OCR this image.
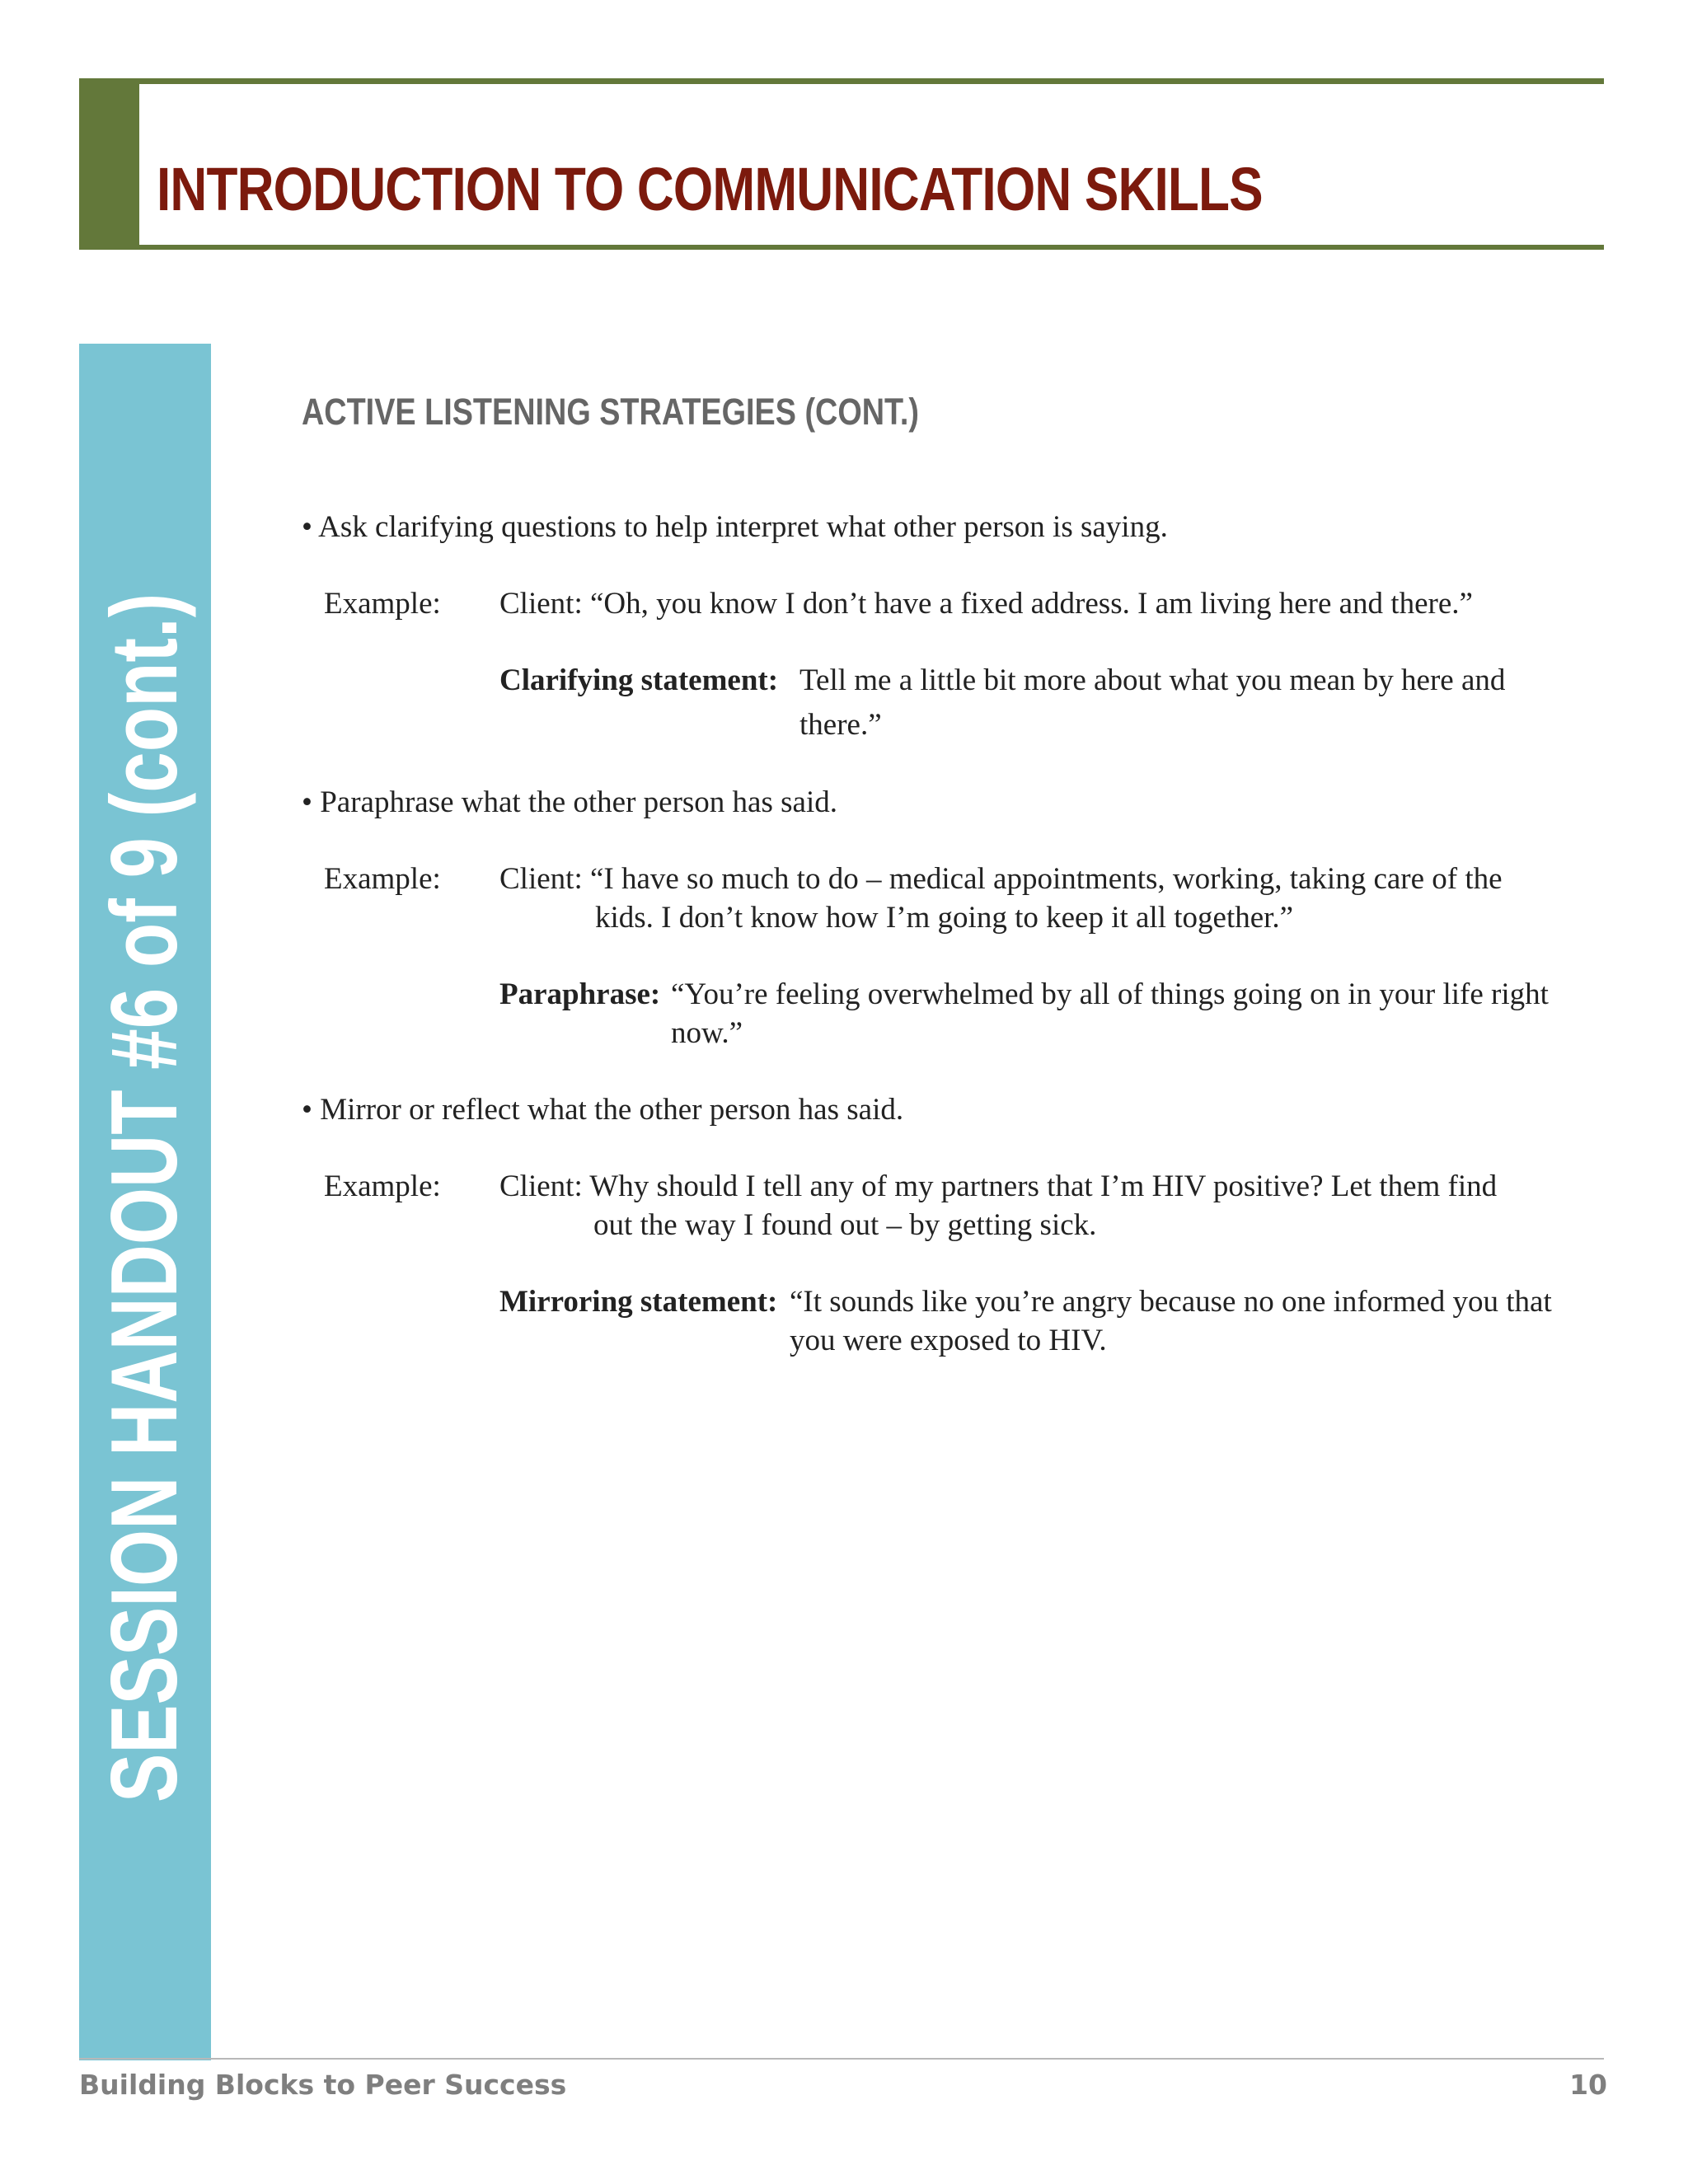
INTRODUCTION TO COMMUNICATION SKILLS
SESSION HANDOUT #6 of 9 (cont.)
ACTIVE LISTENING STRATEGIES (CONT.)
• Ask clarifying questions to help interpret what other person is saying.
Example: Client: “Oh, you know I don’t have a fixed address. I am living here and there.”
Clarifying statement: Tell me a little bit more about what you mean by here and
there.”
• Paraphrase what the other person has said.
Example: Client: “I have so much to do – medical appointments, working, taking care of the
kids. I don’t know how I’m going to keep it all together.”
Paraphrase: “You’re feeling overwhelmed by all of things going on in your life right
now.”
• Mirror or reflect what the other person has said.
Example: Client: Why should I tell any of my partners that I’m HIV positive? Let them find
out the way I found out – by getting sick.
Mirroring statement: “It sounds like you’re angry because no one informed you that
you were exposed to HIV.
Building Blocks to Peer Success	10
